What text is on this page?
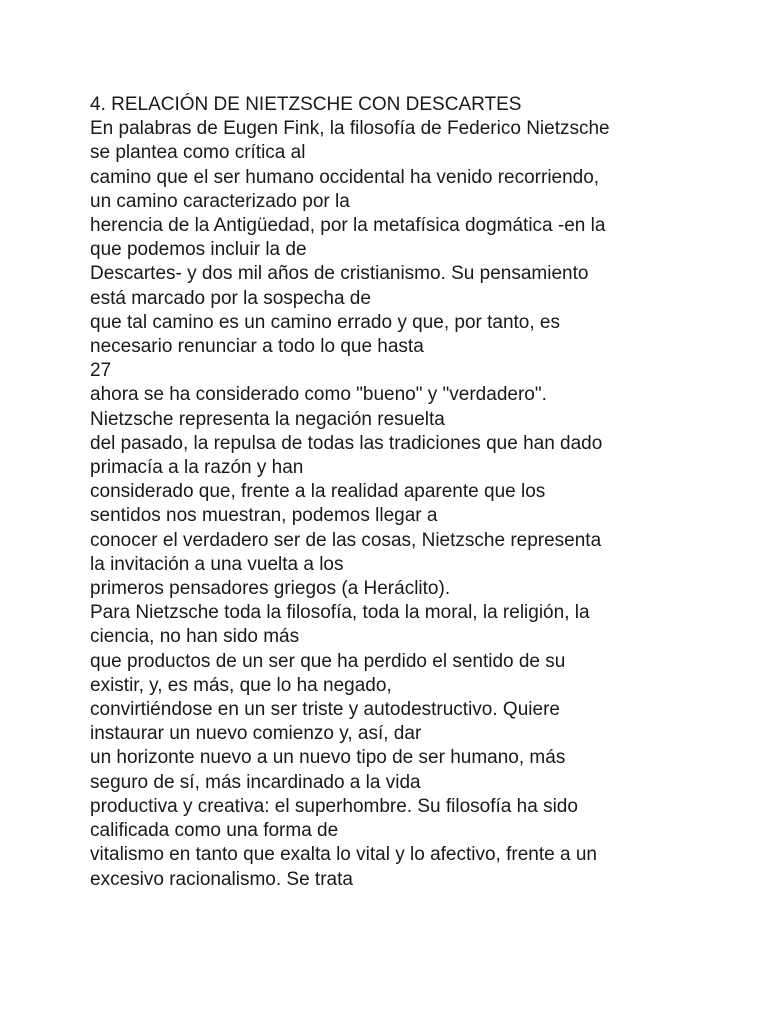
4. RELACIÓN DE NIETZSCHE CON DESCARTES
En palabras de Eugen Fink, la filosofía de Federico Nietzsche
se plantea como crítica al
camino que el ser humano occidental ha venido recorriendo,
un camino caracterizado por la
herencia de la Antigüedad, por la metafísica dogmática -en la
que podemos incluir la de
Descartes- y dos mil años de cristianismo. Su pensamiento
está marcado por la sospecha de
que tal camino es un camino errado y que, por tanto, es
necesario renunciar a todo lo que hasta
27
ahora se ha considerado como "bueno" y "verdadero".
Nietzsche representa la negación resuelta
del pasado, la repulsa de todas las tradiciones que han dado
primacía a la razón y han
considerado que, frente a la realidad aparente que los
sentidos nos muestran, podemos llegar a
conocer el verdadero ser de las cosas, Nietzsche representa
la invitación a una vuelta a los
primeros pensadores griegos (a Heráclito).
Para Nietzsche toda la filosofía, toda la moral, la religión, la
ciencia, no han sido más
que productos de un ser que ha perdido el sentido de su
existir, y, es más, que lo ha negado,
convirtiéndose en un ser triste y autodestructivo. Quiere
instaurar un nuevo comienzo y, así, dar
un horizonte nuevo a un nuevo tipo de ser humano, más
seguro de sí, más incardinado a la vida
productiva y creativa: el superhombre. Su filosofía ha sido
calificada como una forma de
vitalismo en tanto que exalta lo vital y lo afectivo, frente a un
excesivo racionalismo. Se trata
